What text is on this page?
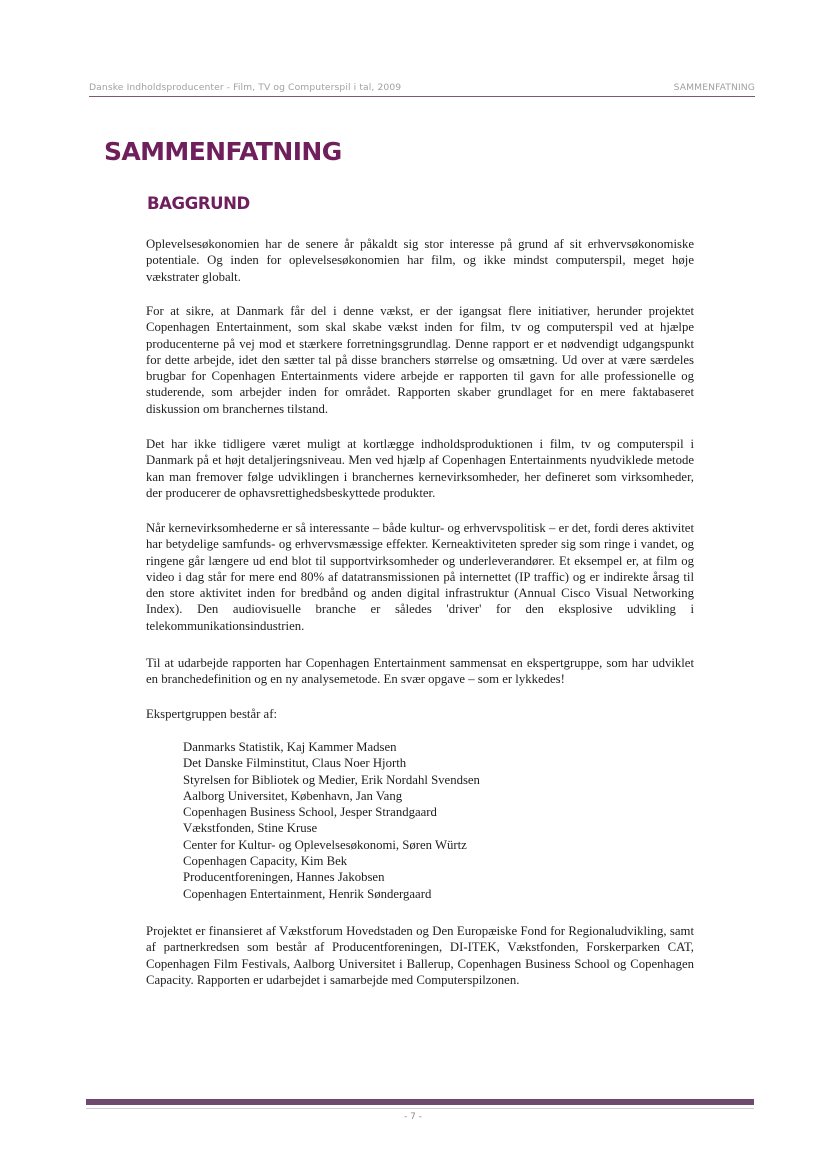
Danske Indholdsproducenter - Film, TV og Computerspil i tal, 2009	SAMMENFATNING
SAMMENFATNING
BAGGRUND

Oplevelsesøkonomien har de senere år påkaldt sig stor interesse på grund af sit erhvervsøkonomiske potentiale. Og inden for oplevelsesøkonomien har film, og ikke mindst computerspil, meget høje vækstrater globalt.

For at sikre, at Danmark får del i denne vækst, er der igangsat flere initiativer, herunder projektet Copenhagen Entertainment, som skal skabe vækst inden for film, tv og computerspil ved at hjælpe producenterne på vej mod et stærkere forretningsgrundlag. Denne rapport er et nødvendigt udgangspunkt for dette arbejde, idet den sætter tal på disse branchers størrelse og omsætning. Ud over at være særdeles brugbar for Copenhagen Entertainments videre arbejde er rapporten til gavn for alle professionelle og studerende, som arbejder inden for området. Rapporten skaber grundlaget for en mere faktabaseret diskussion om branchernes tilstand.

Det har ikke tidligere været muligt at kortlægge indholdsproduktionen i film, tv og computerspil i Danmark på et højt detaljeringsniveau. Men ved hjælp af Copenhagen Entertainments nyudviklede metode kan man fremover følge udviklingen i branchernes kernevirksomheder, her defineret som virksomheder, der producerer de ophavsrettighedsbeskyttede produkter.

Når kernevirksomhederne er så interessante – både kultur- og erhvervspolitisk – er det, fordi deres aktivitet har betydelige samfunds- og erhvervsmæssige effekter. Kerneaktiviteten spreder sig som ringe i vandet, og ringene går længere ud end blot til supportvirksomheder og underleverandører. Et eksempel er, at film og video i dag står for mere end 80% af datatransmissionen på internettet (IP traffic) og er indirekte årsag til den store aktivitet inden for bredbånd og anden digital infrastruktur (Annual Cisco Visual Networking Index). Den audiovisuelle branche er således 'driver' for den eksplosive udvikling i telekommunikationsindustrien.

Til at udarbejde rapporten har Copenhagen Entertainment sammensat en ekspertgruppe, som har udviklet en branchedefinition og en ny analysemetode. En svær opgave – som er lykkedes!

Ekspertgruppen består af:

Danmarks Statistik, Kaj Kammer Madsen
Det Danske Filminstitut, Claus Noer Hjorth
Styrelsen for Bibliotek og Medier, Erik Nordahl Svendsen
Aalborg Universitet, København, Jan Vang
Copenhagen Business School, Jesper Strandgaard
Vækstfonden, Stine Kruse
Center for Kultur- og Oplevelsesøkonomi, Søren Würtz
Copenhagen Capacity, Kim Bek
Producentforeningen, Hannes Jakobsen
Copenhagen Entertainment, Henrik Søndergaard

Projektet er finansieret af Vækstforum Hovedstaden og Den Europæiske Fond for Regionaludvikling, samt af partnerkredsen som består af Producentforeningen, DI-ITEK, Vækstfonden, Forskerparken CAT, Copenhagen Film Festivals, Aalborg Universitet i Ballerup, Copenhagen Business School og Copenhagen Capacity. Rapporten er udarbejdet i samarbejde med Computerspilzonen.

- 7 -
